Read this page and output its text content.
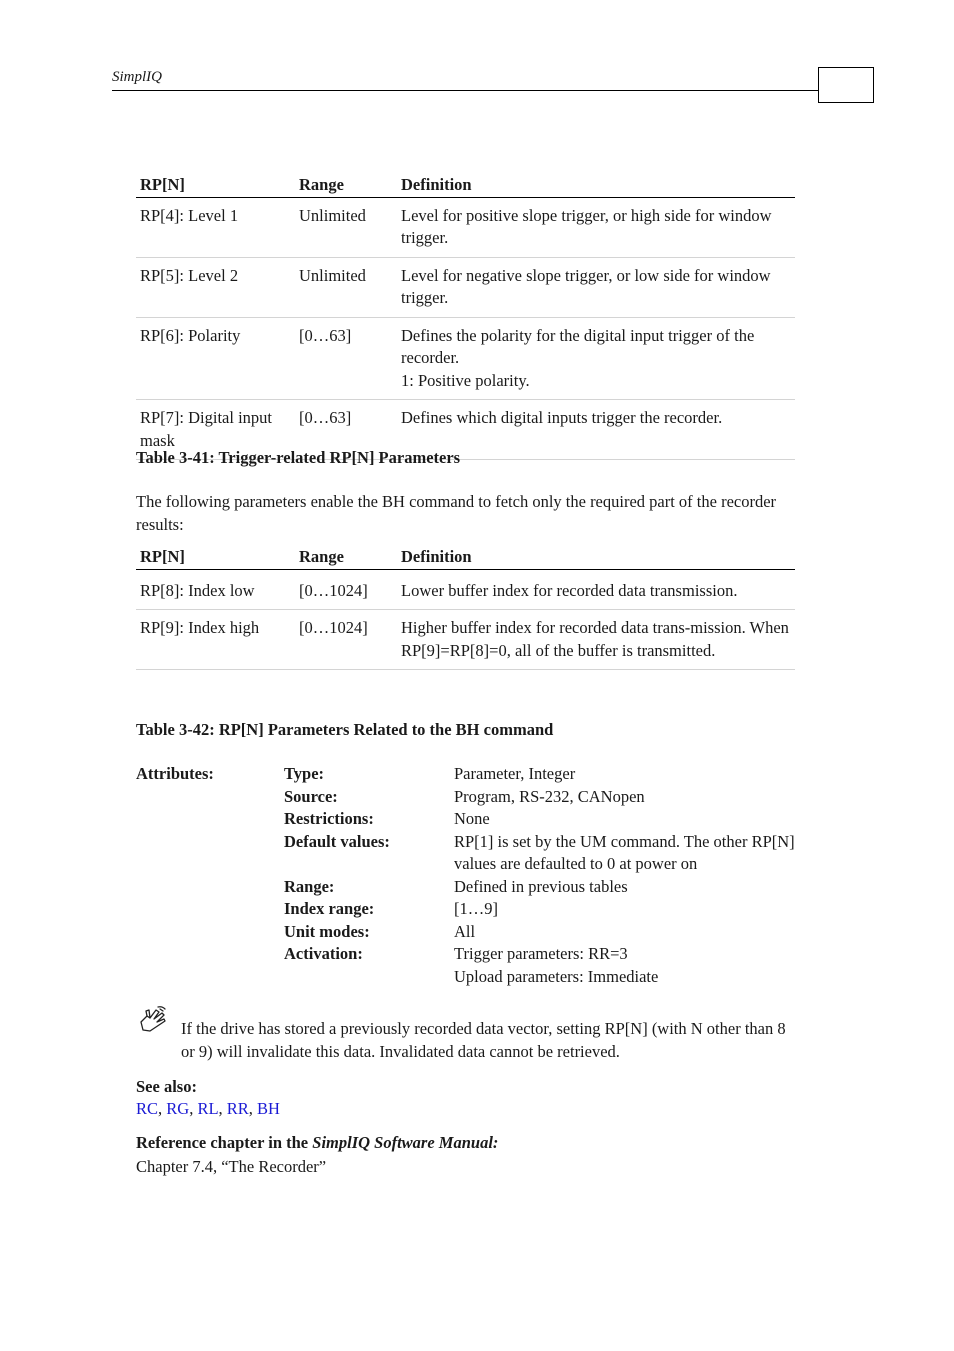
SimplIQ
RP[N]	Range	Definition
RP[4]: Level 1	Unlimited	Level for positive slope trigger, or high side for window trigger.
RP[5]: Level 2	Unlimited	Level for negative slope trigger, or low side for window trigger.
RP[6]: Polarity	[0…63]	Defines the polarity for the digital input trigger of the recorder.
1: Positive polarity.

RP[7]: Digital input mask	[0…63]	Defines which digital inputs trigger the recorder.
Table 3-41: Trigger-related RP[N] Parameters
The following parameters enable the BH command to fetch only the required part of the recorder results:
RP[N]	Range	Definition
RP[8]: Index low	[0…1024]	Lower buffer index for recorded data transmission.
RP[9]: Index high	[0…1024]	Higher buffer index for recorded data trans-mission. When RP[9]=RP[8]=0, all of the buffer is transmitted.
Table 3-42: RP[N] Parameters Related to the BH command
Attributes:	Type:	Parameter, Integer
Source:	Program, RS-232, CANopen
Restrictions:	None
Default values:	RP[1] is set by the UM command. The other RP[N] values are defaulted to 0 at power on
Range:	Defined in previous tables
Index range:	[1…9]
Unit modes:	All
Activation:	Trigger parameters: RR=3
Upload parameters: Immediate
If the drive has stored a previously recorded data vector, setting RP[N] (with N other than 8 or 9) will invalidate this data. Invalidated data cannot be retrieved.
See also:
RC, RG, RL, RR, BH
Reference chapter in the SimplIQ Software Manual:
Chapter 7.4, “The Recorder”
